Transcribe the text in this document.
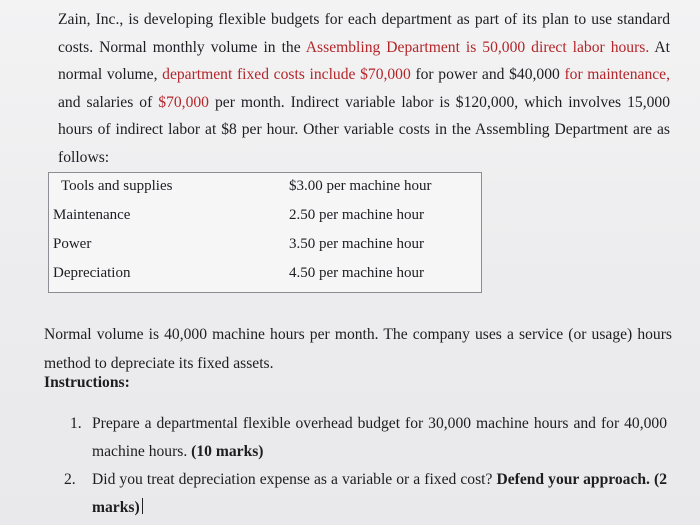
Zain, Inc., is developing flexible budgets for each department as part of its plan to use standard costs. Normal monthly volume in the Assembling Department is 50,000 direct labor hours. At normal volume, department fixed costs include $70,000 for power and $40,000 for maintenance, and salaries of $70,000 per month. Indirect variable labor is $120,000, which involves 15,000 hours of indirect labor at $8 per hour. Other variable costs in the Assembling Department are as follows:
Tools and supplies	$3.00 per machine hour
Maintenance	2.50 per machine hour
Power	3.50 per machine hour
Depreciation	4.50 per machine hour
Normal volume is 40,000 machine hours per month. The company uses a service (or usage) hours method to depreciate its fixed assets.
Instructions:
1. Prepare a departmental flexible overhead budget for 30,000 machine hours and for 40,000 machine hours. (10 marks)
2. Did you treat depreciation expense as a variable or a fixed cost? Defend your approach. (2 marks)
